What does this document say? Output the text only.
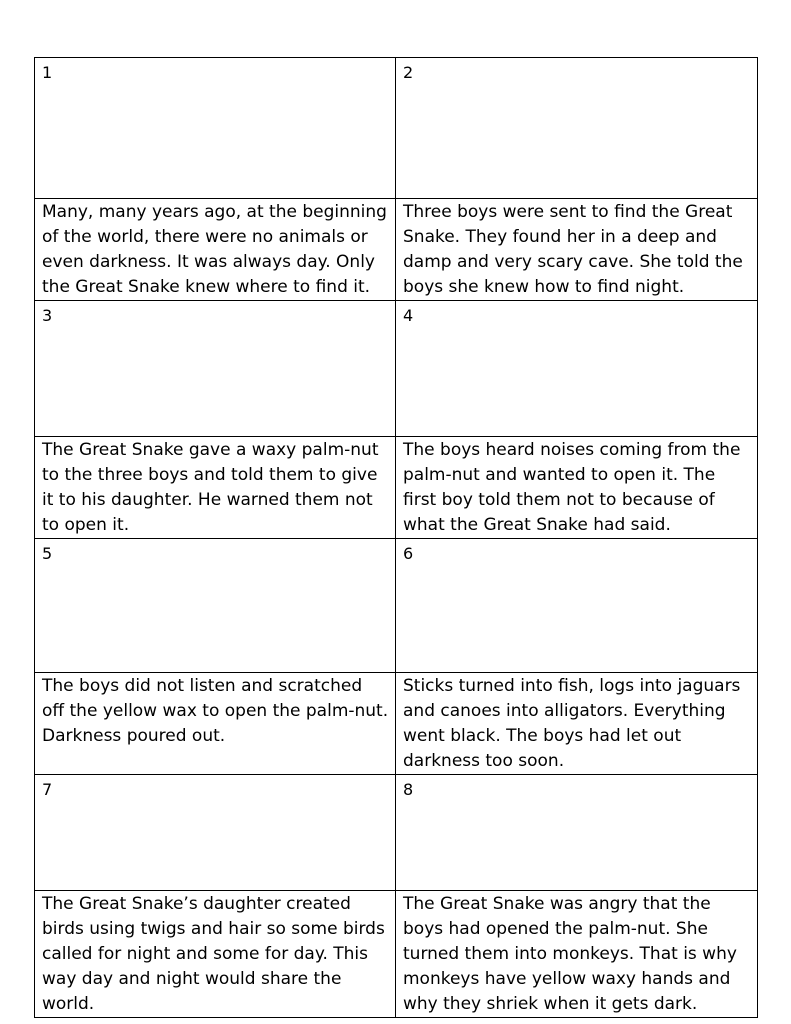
1	2
Many, many years ago, at the beginning of the world, there were no animals or even darkness. It was always day. Only the Great Snake knew where to find it.	Three boys were sent to find the Great Snake. They found her in a deep and damp and very scary cave. She told the boys she knew how to find night.
3	4
The Great Snake gave a waxy palm-nut to the three boys and told them to give it to his daughter. He warned them not to open it.	The boys heard noises coming from the palm-nut and wanted to open it. The first boy told them not to because of what the Great Snake had said.
5	6
The boys did not listen and scratched off the yellow wax to open the palm-nut. Darkness poured out.	Sticks turned into fish, logs into jaguars and canoes into alligators. Everything went black. The boys had let out darkness too soon.
7	8
The Great Snake’s daughter created birds using twigs and hair so some birds called for night and some for day. This way day and night would share the world.	The Great Snake was angry that the boys had opened the palm-nut. She turned them into monkeys. That is why monkeys have yellow waxy hands and why they shriek when it gets dark.
